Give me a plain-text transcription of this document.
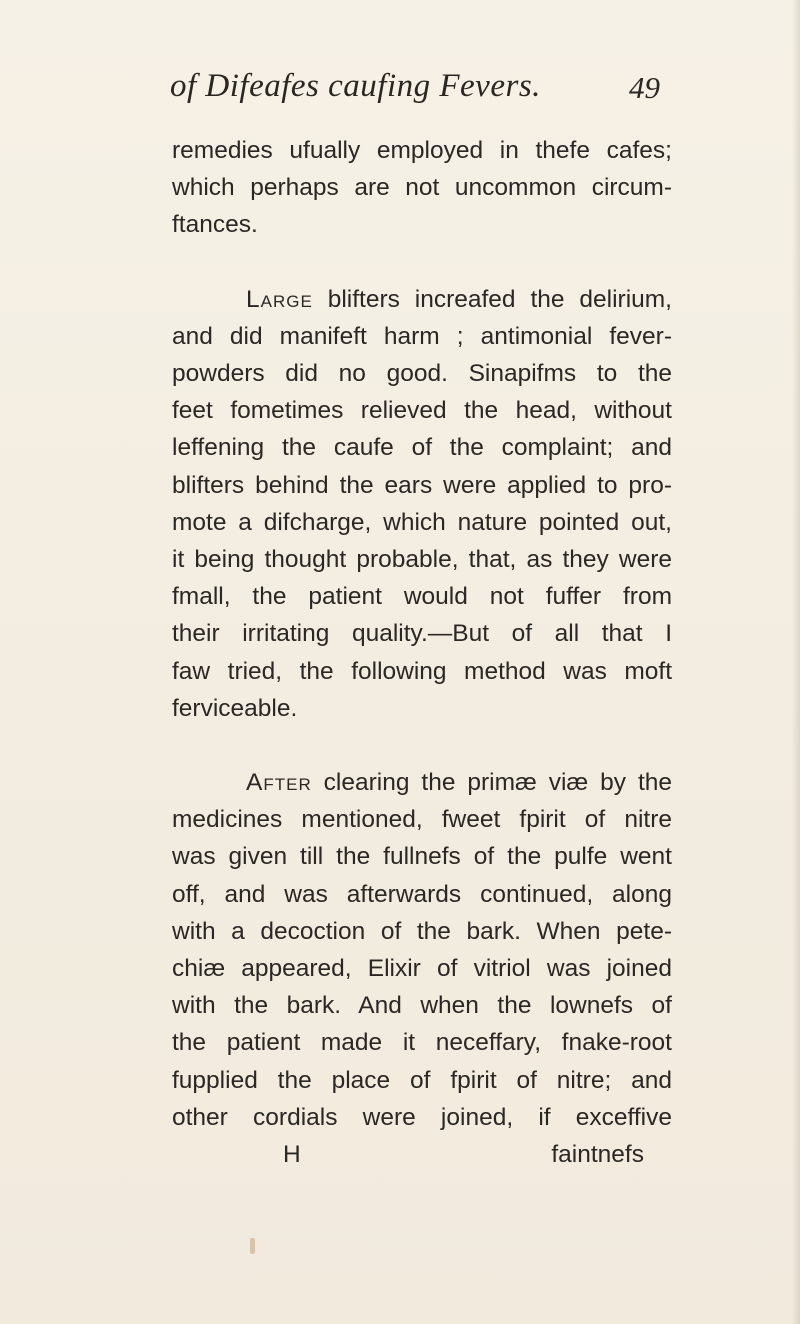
of Difeafes caufing Fevers.	49

remedies ufually employed in thefe cafes;
which perhaps are not uncommon circum-
ftances.

Large blifters increafed the delirium,
and did manifeft harm ; antimonial fever-
powders did no good. Sinapifms to the
feet fometimes relieved the head, without
leffening the caufe of the complaint; and
blifters behind the ears were applied to pro-
mote a difcharge, which nature pointed out,
it being thought probable, that, as they were
fmall, the patient would not fuffer from
their irritating quality.—But of all that I
faw tried, the following method was moft
ferviceable.

After clearing the primæ viæ by the
medicines mentioned, fweet fpirit of nitre
was given till the fullnefs of the pulfe went
off, and was afterwards continued, along
with a decoction of the bark. When pete-
chiæ appeared, Elixir of vitriol was joined
with the bark. And when the lownefs of
the patient made it neceffary, fnake-root
fupplied the place of fpirit of nitre; and
other cordials were joined, if exceffive
H	faintnefs
